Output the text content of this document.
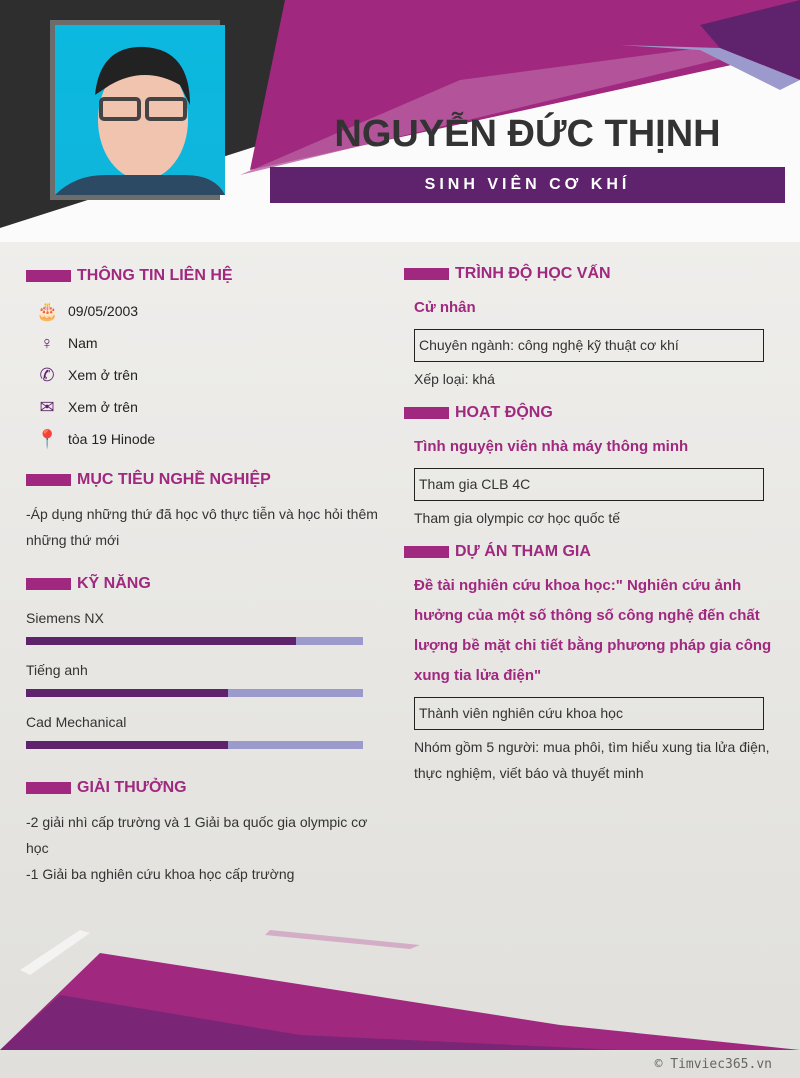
NGUYỄN ĐỨC THỊNH
SINH VIÊN CƠ KHÍ
THÔNG TIN LIÊN HỆ
🎂 09/05/2003
♀	Nam
✆ Xem ở trên
✉ Xem ở trên
📍 tòa 19 Hinode
MỤC TIÊU NGHỀ NGHIỆP
-Áp dụng những thứ đã học vô thực tiễn và học hỏi thêm những thứ mới
KỸ NĂNG
Siemens NX
Tiếng anh
Cad Mechanical
GIẢI THƯỞNG
-2 giải nhì cấp trường và 1 Giải ba quốc gia olympic cơ học
-1 Giải ba nghiên cứu khoa học cấp trường
TRÌNH ĐỘ HỌC VẤN
Cử nhân
Chuyên ngành: công nghệ kỹ thuật cơ khí
Xếp loại: khá
HOẠT ĐỘNG
Tình nguyện viên nhà máy thông minh
Tham gia CLB 4C
Tham gia olympic cơ học quốc tế
DỰ ÁN THAM GIA
Đề tài nghiên cứu khoa học:" Nghiên cứu ảnh hưởng của một số thông số công nghệ đến chất lượng bề mặt chi tiết bằng phương pháp gia công xung tia lửa điện"
Thành viên nghiên cứu khoa học
Nhóm gồm 5 người: mua phôi, tìm hiểu xung tia lửa điện, thực nghiệm, viết báo và thuyết minh
© Timviec365.vn
